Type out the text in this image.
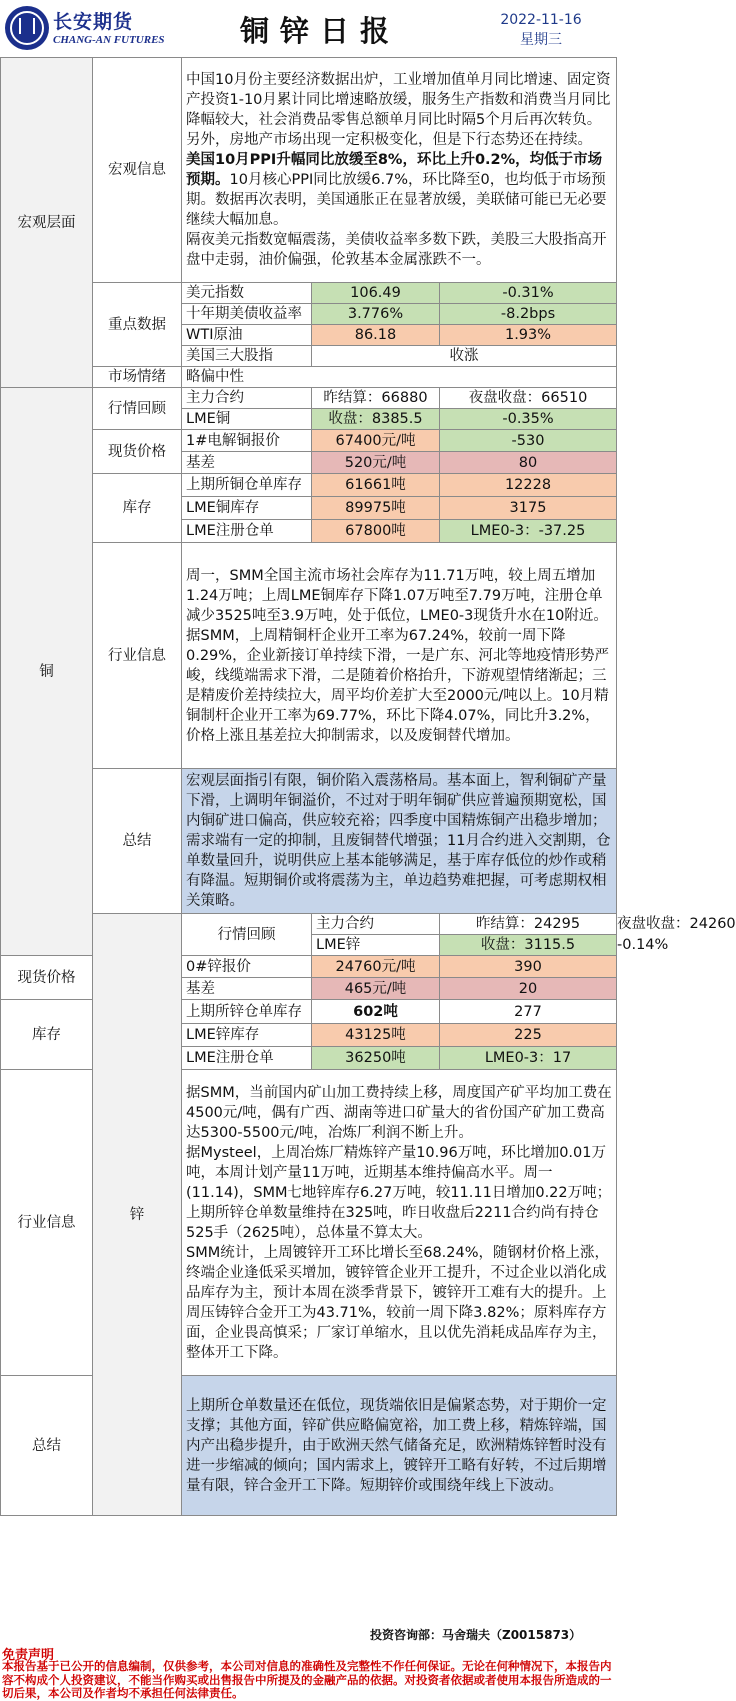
长安期货
CHANG-AN FUTURES	铜锌日报	2022-11-16
星期三
宏观层面	宏观信息	中国10月份主要经济数据出炉，工业增加值单月同比增速、固定资产投资1-10月累计同比增速略放缓，服务生产指数和消费当月同比降幅较大，社会消费品零售总额单月同比时隔5个月后再次转负。另外，房地产市场出现一定积极变化，但是下行态势还在持续。
美国10月PPI升幅同比放缓至8%，环比上升0.2%，均低于市场预期。10月核心PPI同比放缓6.7%，环比降至0，也均低于市场预期。数据再次表明，美国通胀正在显著放缓，美联储可能已无必要继续大幅加息。
隔夜美元指数宽幅震荡，美债收益率多数下跌，美股三大股指高开盘中走弱，油价偏强，伦敦基本金属涨跌不一。			

	重点数据	美元指数	106.49	-0.31%	
		十年期美债收益率	3.776%	-8.2bps	
		WTI原油	86.18	1.93%	
		美国三大股指	收涨		
	市场情绪	略偏中性			
铜	行情回顾	主力合约	昨结算：66880	夜盘收盘：66510	
		LME铜	收盘：8385.5	-0.35%	
	现货价格	1#电解铜报价	67400元/吨	-530	
		基差	520元/吨	80	
	库存	上期所铜仓单库存	61661吨	12228	
		LME铜库存	89975吨	3175	
		LME注册仓单	67800吨	LME0-3：-37.25	
	行业信息	周一，SMM全国主流市场社会库存为11.71万吨，较上周五增加1.24万吨；上周LME铜库存下降1.07万吨至7.79万吨，注册仓单减少3525吨至3.9万吨，处于低位，LME0-3现货升水在10附近。
据SMM，上周精铜杆企业开工率为67.24%，较前一周下降0.29%，企业新接订单持续下滑，一是广东、河北等地疫情形势严峻，线缆端需求下滑，二是随着价格抬升，下游观望情绪渐起；三是精废价差持续拉大，周平均价差扩大至2000元/吨以上。10月精铜制杆企业开工率为69.77%，环比下降4.07%，同比升3.2%，价格上涨且基差拉大抑制需求，以及废铜替代增加。			

	总结	宏观层面指引有限，铜价陷入震荡格局。基本面上，智利铜矿产量下滑，上调明年铜溢价，不过对于明年铜矿供应普遍预期宽松，国内铜矿进口偏高，供应较充裕；四季度中国精炼铜产出稳步增加；需求端有一定的抑制，且废铜替代增强；11月合约进入交割期，仓单数量回升，说明供应上基本能够满足，基于库存低位的炒作或稍有降温。短期铜价或将震荡为主，单边趋势难把握，可考虑期权相关策略。			
	锌	行情回顾	主力合约	昨结算：24295	夜盘收盘：24260
			LME锌	收盘：3115.5	-0.14%
现货价格		0#锌报价	24760元/吨	390	
		基差	465元/吨	20	
库存		上期所锌仓单库存	602吨	277	
		LME锌库存	43125吨	225	
		LME注册仓单	36250吨	LME0-3：17	
行业信息		据SMM，当前国内矿山加工费持续上移，周度国产矿平均加工费在4500元/吨，偶有广西、湖南等进口矿量大的省份国产矿加工费高达5300-5500元/吨，冶炼厂利润不断上升。
据Mysteel，上周冶炼厂精炼锌产量10.96万吨，环比增加0.01万吨，本周计划产量11万吨，近期基本维持偏高水平。周一(11.14)，SMM七地锌库存6.27万吨，较11.11日增加0.22万吨；上期所锌仓单数量维持在325吨，昨日收盘后2211合约尚有持仓525手（2625吨），总体量不算太大。
SMM统计，上周镀锌开工环比增长至68.24%，随钢材价格上涨，终端企业逢低采买增加，镀锌管企业开工提升，不过企业以消化成品库存为主，预计本周在淡季背景下，镀锌开工难有大的提升。上周压铸锌合金开工为43.71%，较前一周下降3.82%；原料库存方面，企业畏高慎采；厂家订单缩水，且以优先消耗成品库存为主，整体开工下降。			

总结		上期所仓单数量还在低位，现货端依旧是偏紧态势，对于期价一定支撑；其他方面，锌矿供应略偏宽裕，加工费上移，精炼锌端，国内产出稳步提升，由于欧洲天然气储备充足，欧洲精炼锌暂时没有进一步缩减的倾向；国内需求上，镀锌开工略有好转，不过后期增量有限，锌合金开工下降。短期锌价或围绕年线上下波动。			
投资咨询部：马舍瑞夫（Z0015873）
免责声明
本报告基于已公开的信息编制，仅供参考，本公司对信息的准确性及完整性不作任何保证。无论在何种情况下，本报告内容不构成个人投资建议，不能当作购买或出售报告中所提及的金融产品的依据。对投资者依据或者使用本报告所造成的一切后果，本公司及作者均不承担任何法律责任。
